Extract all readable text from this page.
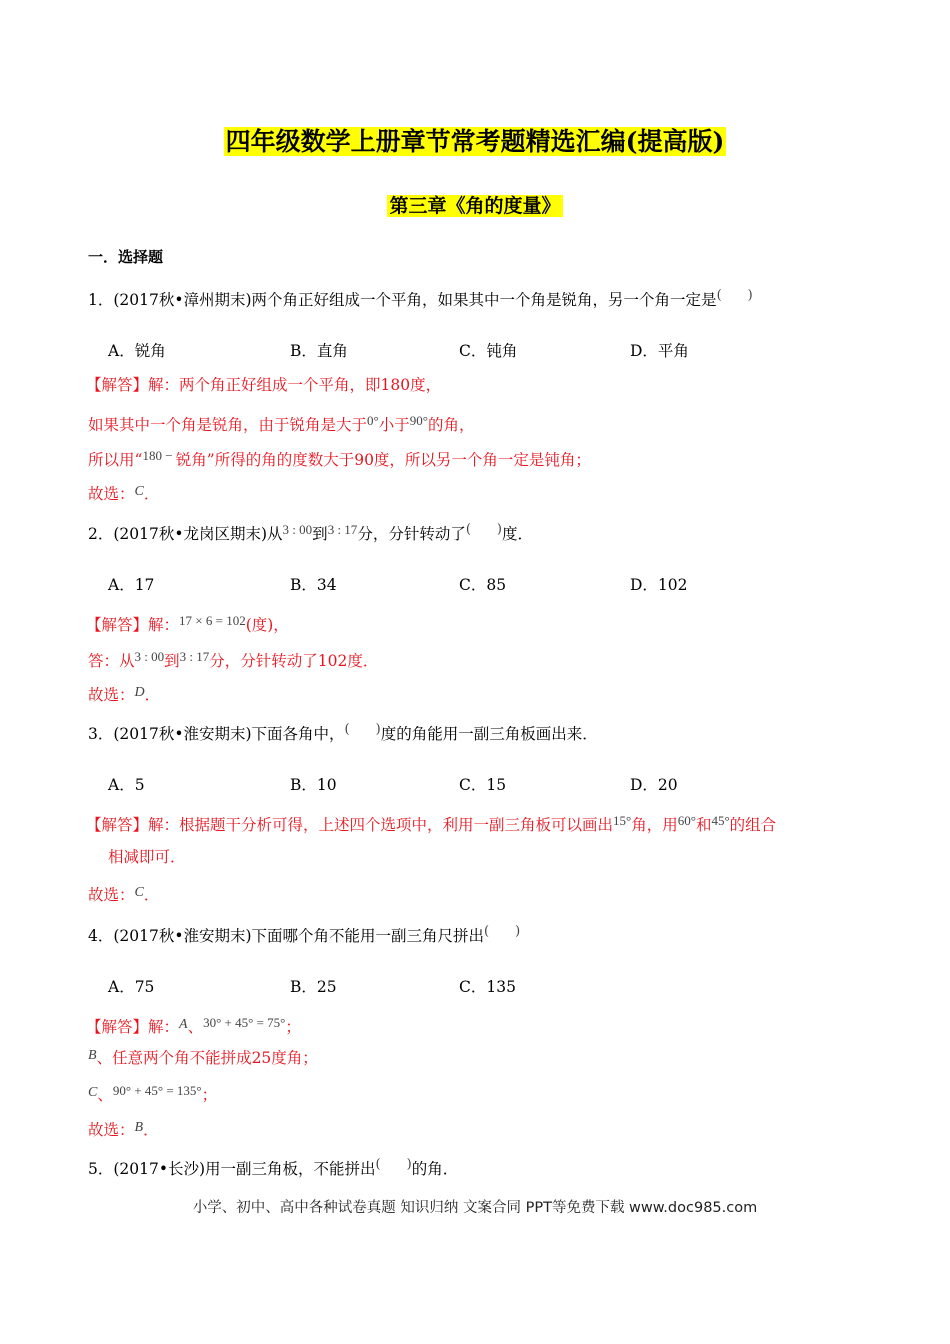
四年级数学上册章节常考题精选汇编(提高版)
第三章《角的度量》
一．选择题
1．(2017秋•漳州期末)两个角正好组成一个平角，如果其中一个角是锐角，另一个角一定是(　　)
A．锐角	B．直角	C．钝角	D．平角
【解答】解：两个角正好组成一个平角，即180度，
如果其中一个角是锐角，由于锐角是大于$^{0^\circ}$小于$^{90^\circ}$的角，
所以用“$^{180 -}$ 锐角”所得的角的度数大于90度，所以另一个角一定是钝角；
故选：C．
2．(2017秋•龙岗区期末)从$^{3 : 00}$到$^{3 : 17}$分，分针转动了(　　)度．
A．17	B．34	C．85	D．102
【解答】解：$^{17 \times 6 = 102}$(度)，
答：从$^{3 : 00}$到$^{3 : 17}$分，分针转动了102度．
故选：D．
3．(2017秋•淮安期末)下面各角中，(　　)度的角能用一副三角板画出来．
A．5	B．10	C．15	D．20
【解答】解：根据题干分析可得，上述四个选项中，利用一副三角板可以画出$^{15^\circ}$角，用$^{60^\circ}$和$^{45^\circ}$的组合
相减即可．
故选：C．
4．(2017秋•淮安期末)下面哪个角不能用一副三角尺拼出(　　)
A．75	B．25	C．135
【解答】解：A、$^{30^\circ + 45^\circ = 75^\circ}$；
B、任意两个角不能拼成25度角；
C、$^{90^\circ + 45^\circ = 135^\circ}$；
故选：B．
5．(2017•长沙)用一副三角板，不能拼出(　　)的角．
小学、初中、高中各种试卷真题 知识归纳 文案合同 PPT等免费下载 www.doc985.com
